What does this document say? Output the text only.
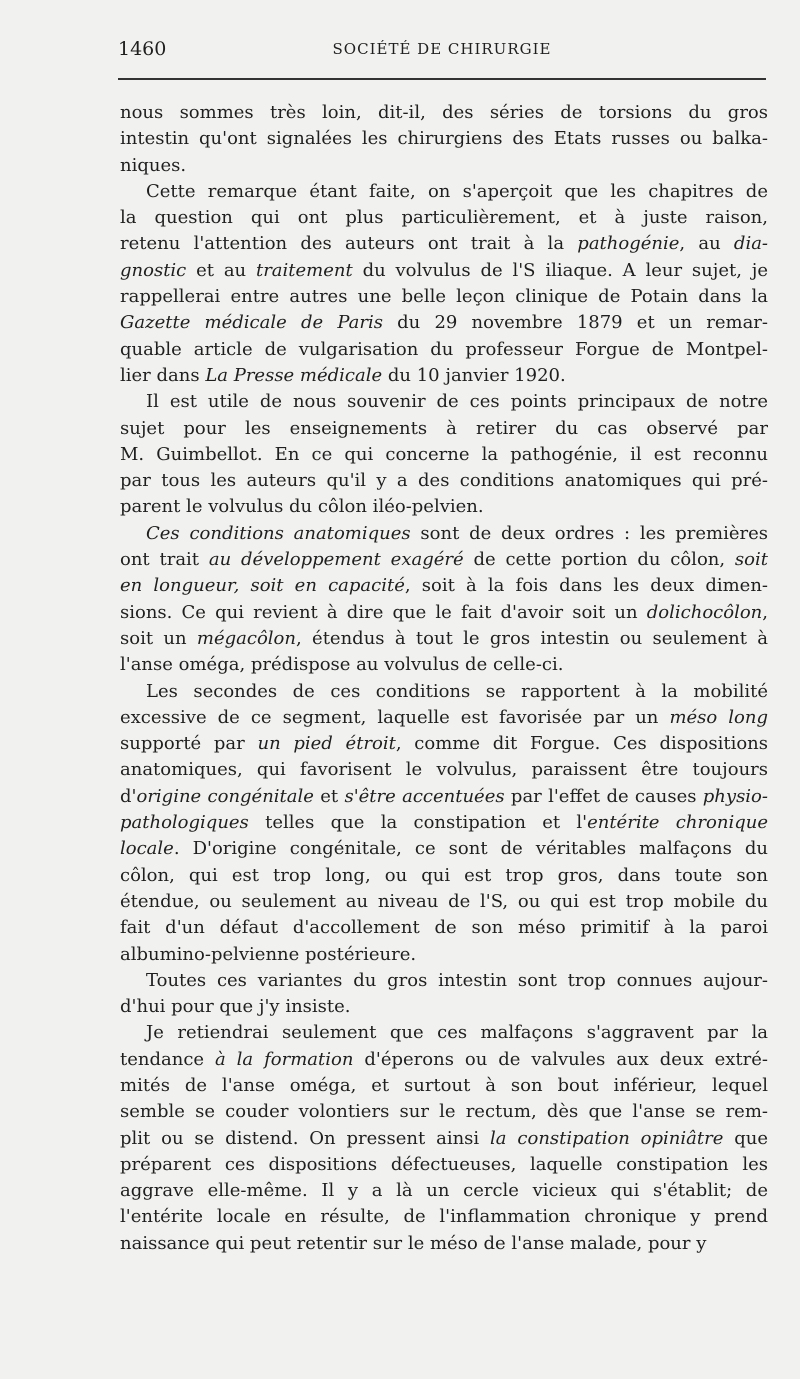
1460	SOCIÉTÉ DE CHIRURGIE
nous sommes très loin, dit-il, des séries de torsions du gros
intestin qu'ont signalées les chirurgiens des Etats russes ou balka-
niques.
Cette remarque étant faite, on s'aperçoit que les chapitres de
la question qui ont plus particulièrement, et à juste raison,
retenu l'attention des auteurs ont trait à la pathogénie, au dia-
gnostic et au traitement du volvulus de l'S iliaque. A leur sujet, je
rappellerai entre autres une belle leçon clinique de Potain dans la
Gazette médicale de Paris du 29 novembre 1879 et un remar-
quable article de vulgarisation du professeur Forgue de Montpel-
lier dans La Presse médicale du 10 janvier 1920.
Il est utile de nous souvenir de ces points principaux de notre
sujet pour les enseignements à retirer du cas observé par
M. Guimbellot. En ce qui concerne la pathogénie, il est reconnu
par tous les auteurs qu'il y a des conditions anatomiques qui pré-
parent le volvulus du côlon iléo-pelvien.
Ces conditions anatomiques sont de deux ordres : les premières
ont trait au développement exagéré de cette portion du côlon, soit
en longueur, soit en capacité, soit à la fois dans les deux dimen-
sions. Ce qui revient à dire que le fait d'avoir soit un dolichocôlon,
soit un mégacôlon, étendus à tout le gros intestin ou seulement à
l'anse oméga, prédispose au volvulus de celle-ci.
Les secondes de ces conditions se rapportent à la mobilité
excessive de ce segment, laquelle est favorisée par un méso long
supporté par un pied étroit, comme dit Forgue. Ces dispositions
anatomiques, qui favorisent le volvulus, paraissent être toujours
d'origine congénitale et s'être accentuées par l'effet de causes physio-
pathologiques telles que la constipation et l'entérite chronique
locale. D'origine congénitale, ce sont de véritables malfaçons du
côlon, qui est trop long, ou qui est trop gros, dans toute son
étendue, ou seulement au niveau de l'S, ou qui est trop mobile du
fait d'un défaut d'accollement de son méso primitif à la paroi
albumino-pelvienne postérieure.
Toutes ces variantes du gros intestin sont trop connues aujour-
d'hui pour que j'y insiste.
Je retiendrai seulement que ces malfaçons s'aggravent par la
tendance à la formation d'éperons ou de valvules aux deux extré-
mités de l'anse oméga, et surtout à son bout inférieur, lequel
semble se couder volontiers sur le rectum, dès que l'anse se rem-
plit ou se distend. On pressent ainsi la constipation opiniâtre que
préparent ces dispositions défectueuses, laquelle constipation les
aggrave elle-même. Il y a là un cercle vicieux qui s'établit; de
l'entérite locale en résulte, de l'inflammation chronique y prend
naissance qui peut retentir sur le méso de l'anse malade, pour y
